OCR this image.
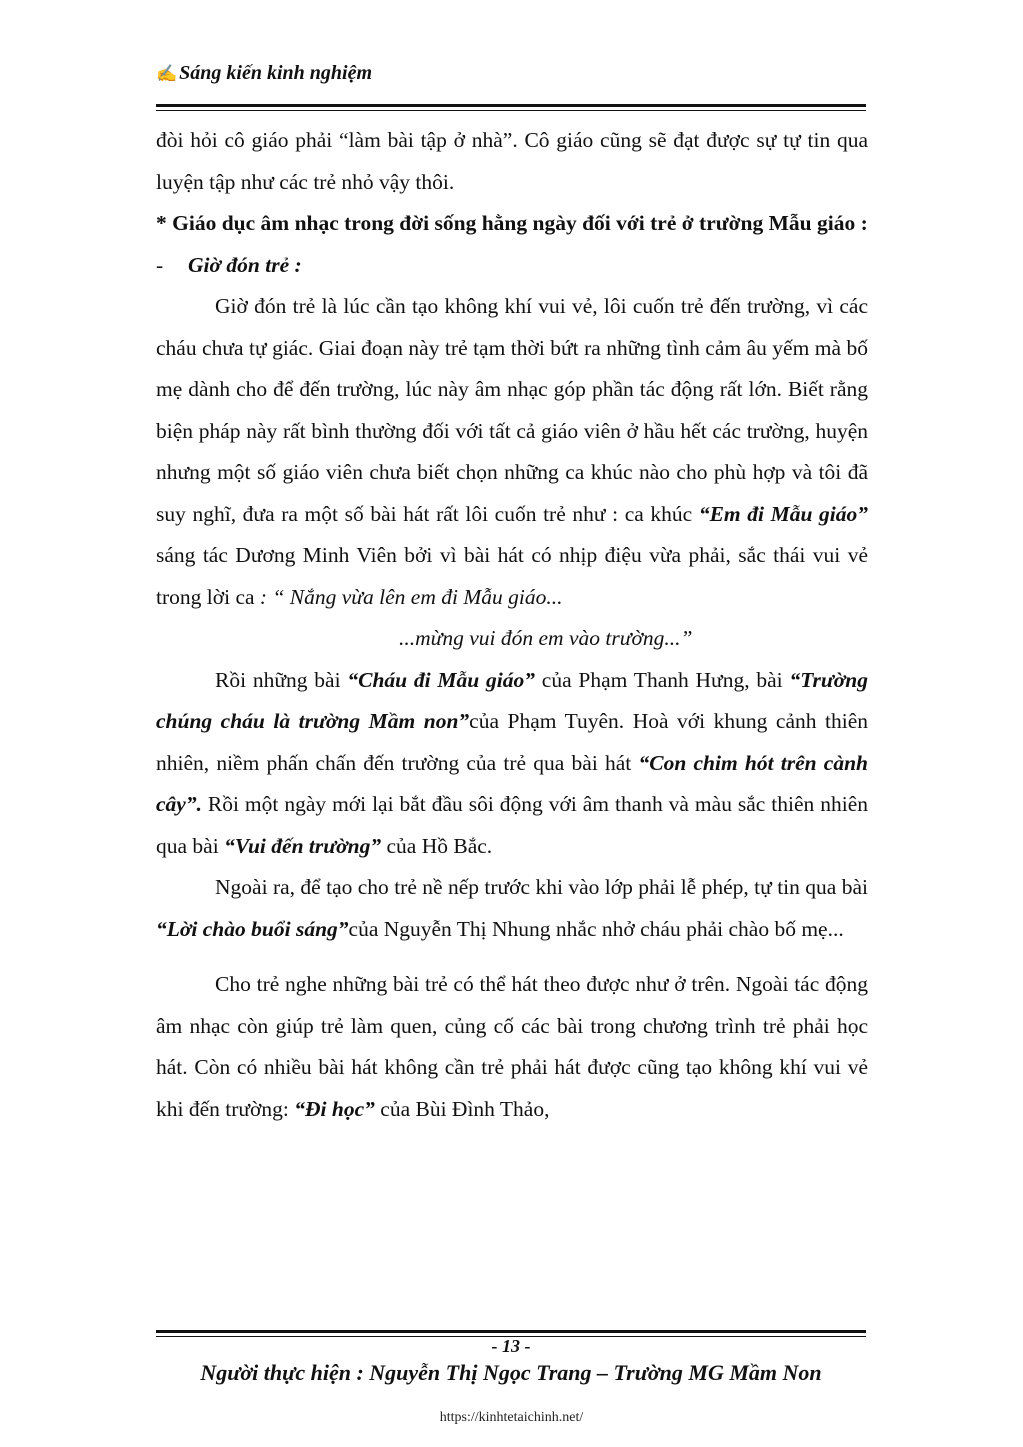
✍ Sáng kiến kinh nghiệm

đòi hỏi cô giáo phải “làm bài tập ở nhà”. Cô giáo cũng sẽ đạt được sự tự tin qua luyện tập như các trẻ nhỏ vậy thôi.

* Giáo dục âm nhạc trong đời sống hằng ngày đối với trẻ ở trường Mẫu giáo :

- Giờ đón trẻ :

Giờ đón trẻ là lúc cần tạo không khí vui vẻ, lôi cuốn trẻ đến trường, vì các cháu chưa tự giác. Giai đoạn này trẻ tạm thời bứt ra những tình cảm âu yếm mà bố mẹ dành cho để đến trường, lúc này âm nhạc góp phần tác động rất lớn. Biết rằng biện pháp này rất bình thường đối với tất cả giáo viên ở hầu hết các trường, huyện nhưng một số giáo viên chưa biết chọn những ca khúc nào cho phù hợp và tôi đã suy nghĩ, đưa ra một số bài hát rất lôi cuốn trẻ như : ca khúc “Em đi Mẫu giáo” sáng tác Dương Minh Viên bởi vì bài hát có nhịp điệu vừa phải, sắc thái vui vẻ trong lời ca : “ Nắng vừa lên em đi Mẫu giáo...

...mừng vui đón em vào trường...”

Rồi những bài “Cháu đi Mẫu giáo” của Phạm Thanh Hưng, bài “Trường chúng cháu là trường Mầm non”của Phạm Tuyên. Hoà với khung cảnh thiên nhiên, niềm phấn chấn đến trường của trẻ qua bài hát “Con chim hót trên cành cây”. Rồi một ngày mới lại bắt đầu sôi động với âm thanh và màu sắc thiên nhiên qua bài “Vui đến trường” của Hồ Bắc.

Ngoài ra, để tạo cho trẻ nề nếp trước khi vào lớp phải lễ phép, tự tin qua bài “Lời chào buổi sáng”của Nguyễn Thị Nhung nhắc nhở cháu phải chào bố mẹ...

Cho trẻ nghe những bài trẻ có thể hát theo được như ở trên. Ngoài tác động âm nhạc còn giúp trẻ làm quen, củng cố các bài trong chương trình trẻ phải học hát. Còn có nhiều bài hát không cần trẻ phải hát được cũng tạo không khí vui vẻ khi đến trường: “Đi học” của Bùi Đình Thảo,

- 13 -
Người thực hiện : Nguyễn Thị Ngọc Trang – Trường MG Mầm Non
https://kinhtetaichinh.net/
